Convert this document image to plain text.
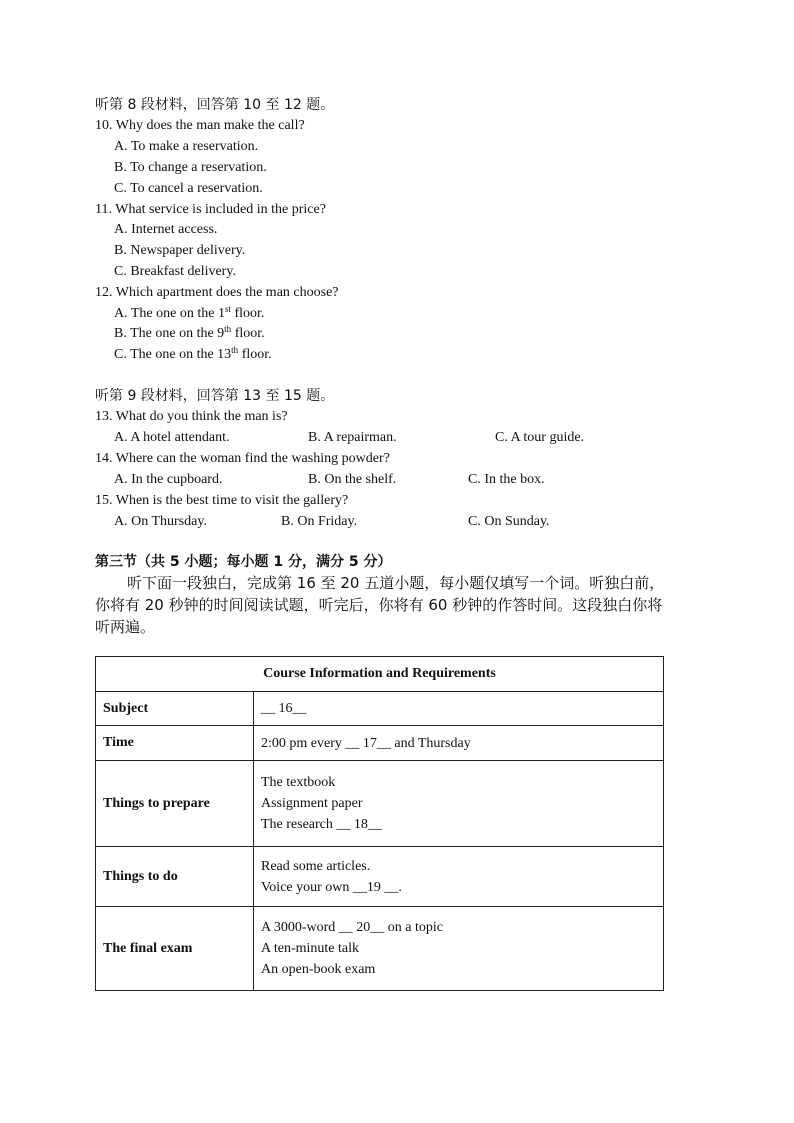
听第 8 段材料，回答第 10 至 12 题。
10. Why does the man make the call?
A. To make a reservation.
B. To change a reservation.
C. To cancel a reservation.
11. What service is included in the price?
A. Internet access.
B. Newspaper delivery.
C. Breakfast delivery.
12. Which apartment does the man choose?
A. The one on the 1st floor.
B. The one on the 9th floor.
C. The one on the 13th floor.
听第 9 段材料，回答第 13 至 15 题。
13. What do you think the man is?
A. A hotel attendant.	B. A repairman.	C. A tour guide.
14. Where can the woman find the washing powder?
A. In the cupboard.	B. On the shelf.	C. In the box.
15. When is the best time to visit the gallery?
A. On Thursday.	B. On Friday.	C. On Sunday.
第三节（共 5 小题；每小题 1 分，满分 5 分）
听下面一段独白，完成第 16 至 20 五道小题，每小题仅填写一个词。听独白前，
你将有 20 秒钟的时间阅读试题，听完后，你将有 60 秒钟的作答时间。这段独白你将
听两遍。
Course Information and Requirements	
Subject	__ 16__

Time	2:00 pm every __ 17__ and Thursday

Things to prepare	The textbook
Assignment paper
The research __ 18__

Things to do	Read some articles.
Voice your own __19 __.

The final exam	A 3000-word __ 20__ on a topic
A ten-minute talk
An open-book exam
